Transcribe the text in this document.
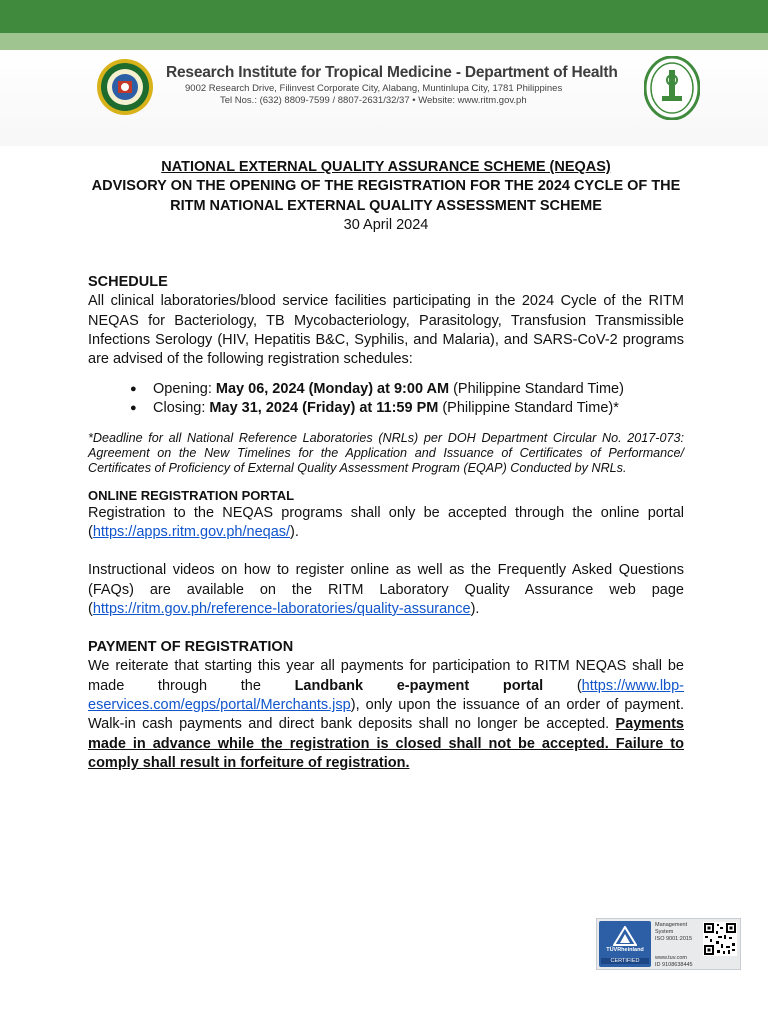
Research Institute for Tropical Medicine - Department of Health
9002 Research Drive, Filinvest Corporate City, Alabang, Muntinlupa City, 1781 Philippines
Tel Nos.: (632) 8809-7599 / 8807-2631/32/37 • Website: www.ritm.gov.ph
NATIONAL EXTERNAL QUALITY ASSURANCE SCHEME (NEQAS)
ADVISORY ON THE OPENING OF THE REGISTRATION FOR THE 2024 CYCLE OF THE RITM NATIONAL EXTERNAL QUALITY ASSESSMENT SCHEME
30 April 2024
SCHEDULE

All clinical laboratories/blood service facilities participating in the 2024 Cycle of the RITM NEQAS for Bacteriology, TB Mycobacteriology, Parasitology, Transfusion Transmissible Infections Serology (HIV, Hepatitis B&C, Syphilis, and Malaria), and SARS-CoV-2 programs are advised of the following registration schedules:

● Opening: May 06, 2024 (Monday) at 9:00 AM (Philippine Standard Time)
● Closing: May 31, 2024 (Friday) at 11:59 PM (Philippine Standard Time)*

*Deadline for all National Reference Laboratories (NRLs) per DOH Department Circular No. 2017-073: Agreement on the New Timelines for the Application and Issuance of Certificates of Performance/ Certificates of Proficiency of External Quality Assessment Program (EQAP) Conducted by NRLs.

ONLINE REGISTRATION PORTAL

Registration to the NEQAS programs shall only be accepted through the online portal (https://apps.ritm.gov.ph/neqas/).

Instructional videos on how to register online as well as the Frequently Asked Questions (FAQs) are available on the RITM Laboratory Quality Assurance web page (https://ritm.gov.ph/reference-laboratories/quality-assurance).

PAYMENT OF REGISTRATION

We reiterate that starting this year all payments for participation to RITM NEQAS shall be made through the Landbank e-payment portal (https://www.lbp-eservices.com/egps/portal/Merchants.jsp), only upon the issuance of an order of payment. Walk-in cash payments and direct bank deposits shall no longer be accepted. Payments made in advance while the registration is closed shall not be accepted. Failure to comply shall result in forfeiture of registration.

TÜVRheinland
CERTIFIED
Management
System
ISO 9001:2015
www.tuv.com
ID 9108638445
